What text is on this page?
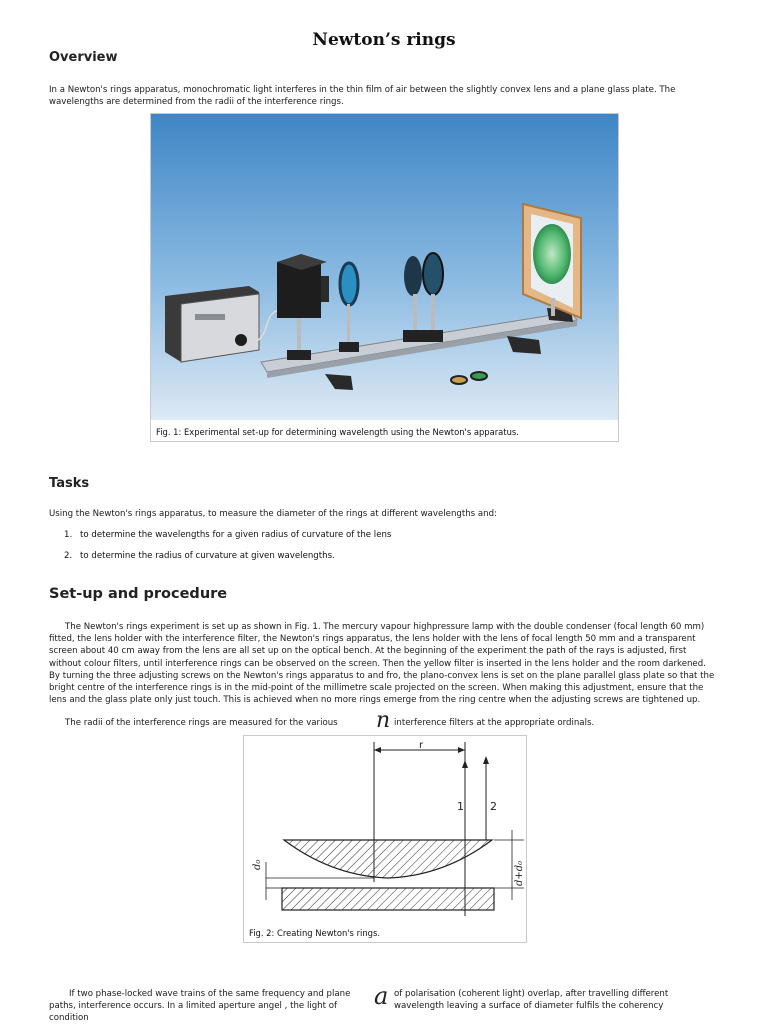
Newton’s rings
Overview
In a Newton's rings apparatus, monochromatic light interferes in the thin film of air between the slightly convex lens and a plane glass plate. The wavelengths are determined from the radii of the interference rings.
Fig. 1: Experimental set-up for determining wavelength using the Newton's apparatus.
Tasks
Using the Newton's rings apparatus, to measure the diameter of the rings at different wavelengths and:
1. to determine the wavelengths for a given radius of curvature of the lens
2. to determine the radius of curvature at given wavelengths.
Set-up and procedure
The Newton's rings experiment is set up as shown in Fig. 1. The mercury vapour highpressure lamp with the double condenser (focal length 60 mm) fitted, the lens holder with the interference filter, the Newton's rings apparatus, the lens holder with the lens of focal length 50 mm and a transparent screen about 40 cm away from the lens are all set up on the optical bench. At the beginning of the experiment the path of the rays is adjusted, first without colour filters, until interference rings can be observed on the screen. Then the yellow filter is inserted in the lens holder and the room darkened. By turning the three adjusting screws on the Newton's rings apparatus to and fro, the plano-convex lens is set on the plane parallel glass plate so that the bright centre of the interference rings is in the mid-point of the millimetre scale projected on the screen. When making this adjustment, ensure that the lens and the glass plate only just touch. This is achieved when no more rings emerge from the ring centre when the adjusting screws are tightened up.
The radii of the interference rings are measured for the various n interference filters at the appropriate ordinals.
r
1 2
d₀	d+d₀
Fig. 2: Creating Newton's rings.
If two phase-locked wave trains of the same frequency and plane paths, interference occurs. In a limited aperture angel , the light of condition
a of polarisation (coherent light) overlap, after travelling different wavelength leaving a surface of diameter fulfils the coherency
